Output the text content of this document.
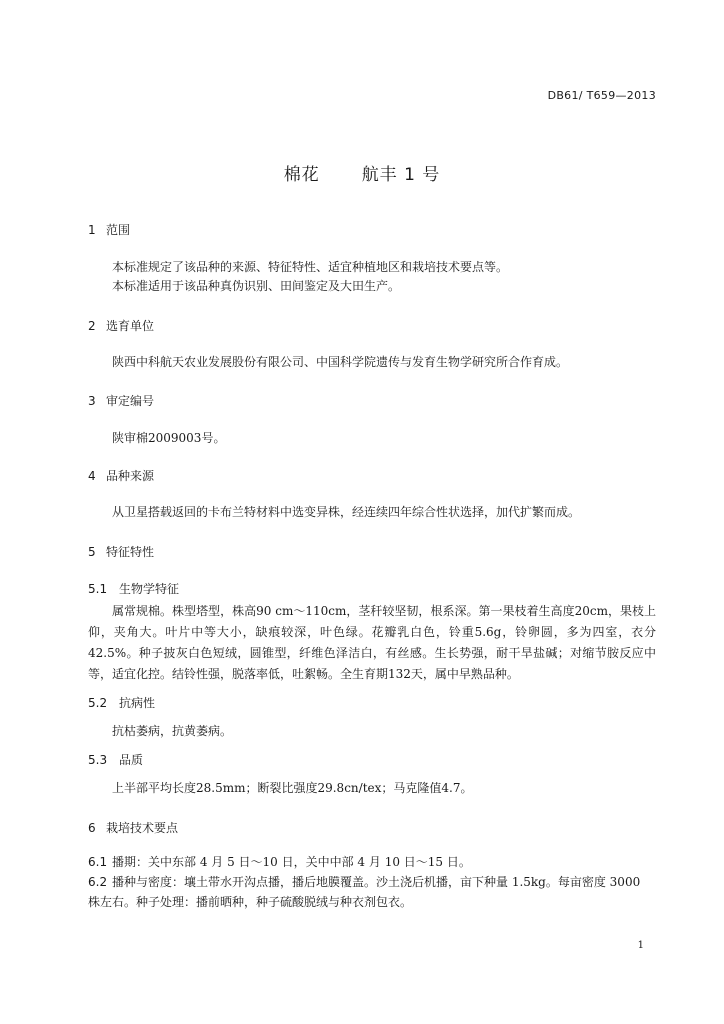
DB61/ T659—2013
棉花 航丰 1 号
1 范围
本标准规定了该品种的来源、特征特性、适宜种植地区和栽培技术要点等。
本标准适用于该品种真伪识别、田间鉴定及大田生产。
2 选育单位
陕西中科航天农业发展股份有限公司、中国科学院遗传与发育生物学研究所合作育成。
3 审定编号
陕审棉2009003号。
4 品种来源
从卫星搭载返回的卡布兰特材料中选变异株，经连续四年综合性状选择，加代扩繁而成。
5 特征特性
5.1 生物学特征
属常规棉。株型塔型，株高90 cm～110cm，茎秆较坚韧，根系深。第一果枝着生高度20cm，果枝上仰，夹角大。叶片中等大小，缺痕较深，叶色绿。花瓣乳白色，铃重5.6g，铃卵圆，多为四室，衣分42.5%。种子披灰白色短绒，圆锥型，纤维色泽洁白，有丝感。生长势强，耐干旱盐碱；对缩节胺反应中等，适宜化控。结铃性强，脱落率低，吐絮畅。全生育期132天，属中早熟品种。
5.2 抗病性
抗枯萎病，抗黄萎病。
5.3 品质
上半部平均长度28.5mm；断裂比强度29.8cn/tex；马克隆值4.7。
6 栽培技术要点
6.1 播期：关中东部 4 月 5 日～10 日，关中中部 4 月 10 日～15 日。
6.2 播种与密度：壤土带水开沟点播，播后地膜覆盖。沙土浇后机播，亩下种量 1.5kg。每亩密度 3000 株左右。种子处理：播前晒种，种子硫酸脱绒与种衣剂包衣。
1
